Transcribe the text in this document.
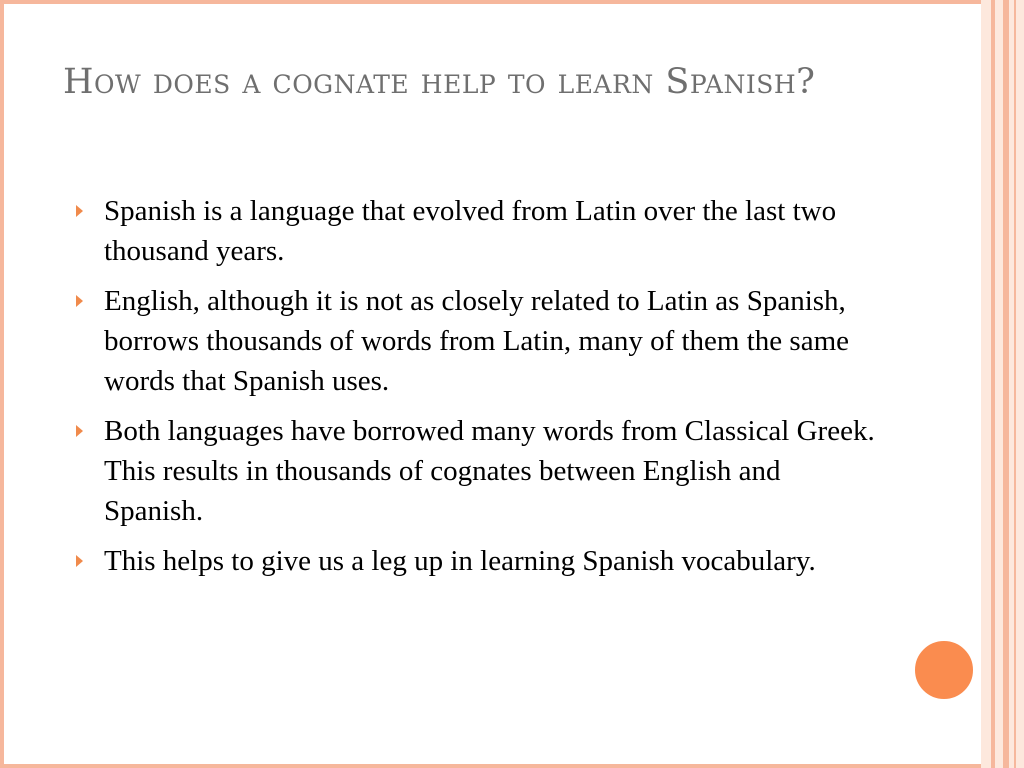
How does a cognate help to learn Spanish?
Spanish is a language that evolved from Latin over the last two thousand years.
English, although it is not as closely related to Latin as Spanish, borrows thousands of words from Latin, many of them the same words that Spanish uses.
Both languages have borrowed many words from Classical Greek. This results in thousands of cognates between English and Spanish.
This helps to give us a leg up in learning Spanish vocabulary.
